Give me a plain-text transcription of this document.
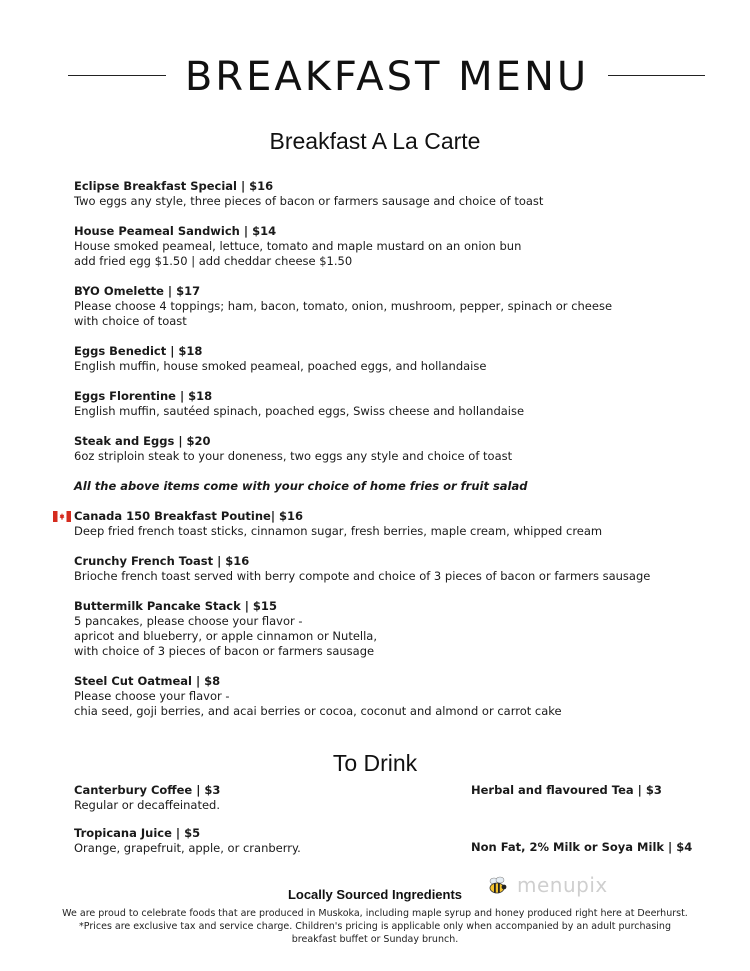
BREAKFAST MENU
Breakfast A La Carte
Eclipse Breakfast Special | $16
Two eggs any style, three pieces of bacon or farmers sausage and choice of toast
House Peameal Sandwich | $14
House smoked peameal, lettuce, tomato and maple mustard on an onion bun
add fried egg $1.50 | add cheddar cheese $1.50
BYO Omelette | $17
Please choose 4 toppings; ham, bacon, tomato, onion, mushroom, pepper, spinach or cheese
with choice of toast
Eggs Benedict | $18
English muffin, house smoked peameal, poached eggs, and hollandaise
Eggs Florentine | $18
English muffin, sautéed spinach, poached eggs, Swiss cheese and hollandaise
Steak and Eggs | $20
6oz striploin steak to your doneness, two eggs any style and choice of toast
All the above items come with your choice of home fries or fruit salad
Canada 150 Breakfast Poutine| $16
Deep fried french toast sticks, cinnamon sugar, fresh berries, maple cream, whipped cream
Crunchy French Toast | $16
Brioche french toast served with berry compote and choice of 3 pieces of bacon or farmers sausage
Buttermilk Pancake Stack | $15
5 pancakes, please choose your flavor -
apricot and blueberry, or apple cinnamon or Nutella,
with choice of 3 pieces of bacon or farmers sausage
Steel Cut Oatmeal | $8
Please choose your flavor -
chia seed, goji berries, and acai berries or cocoa, coconut and almond or carrot cake
To Drink
Canterbury Coffee | $3
Regular or decaffeinated.
Herbal and flavoured Tea | $3
Tropicana Juice | $5
Orange, grapefruit, apple, or cranberry.	Non Fat, 2% Milk or Soya Milk | $4
Locally Sourced Ingredients	menupix
We are proud to celebrate foods that are produced in Muskoka, including maple syrup and honey produced right here at Deerhurst.
*Prices are exclusive tax and service charge. Children's pricing is applicable only when accompanied by an adult purchasing
breakfast buffet or Sunday brunch.
